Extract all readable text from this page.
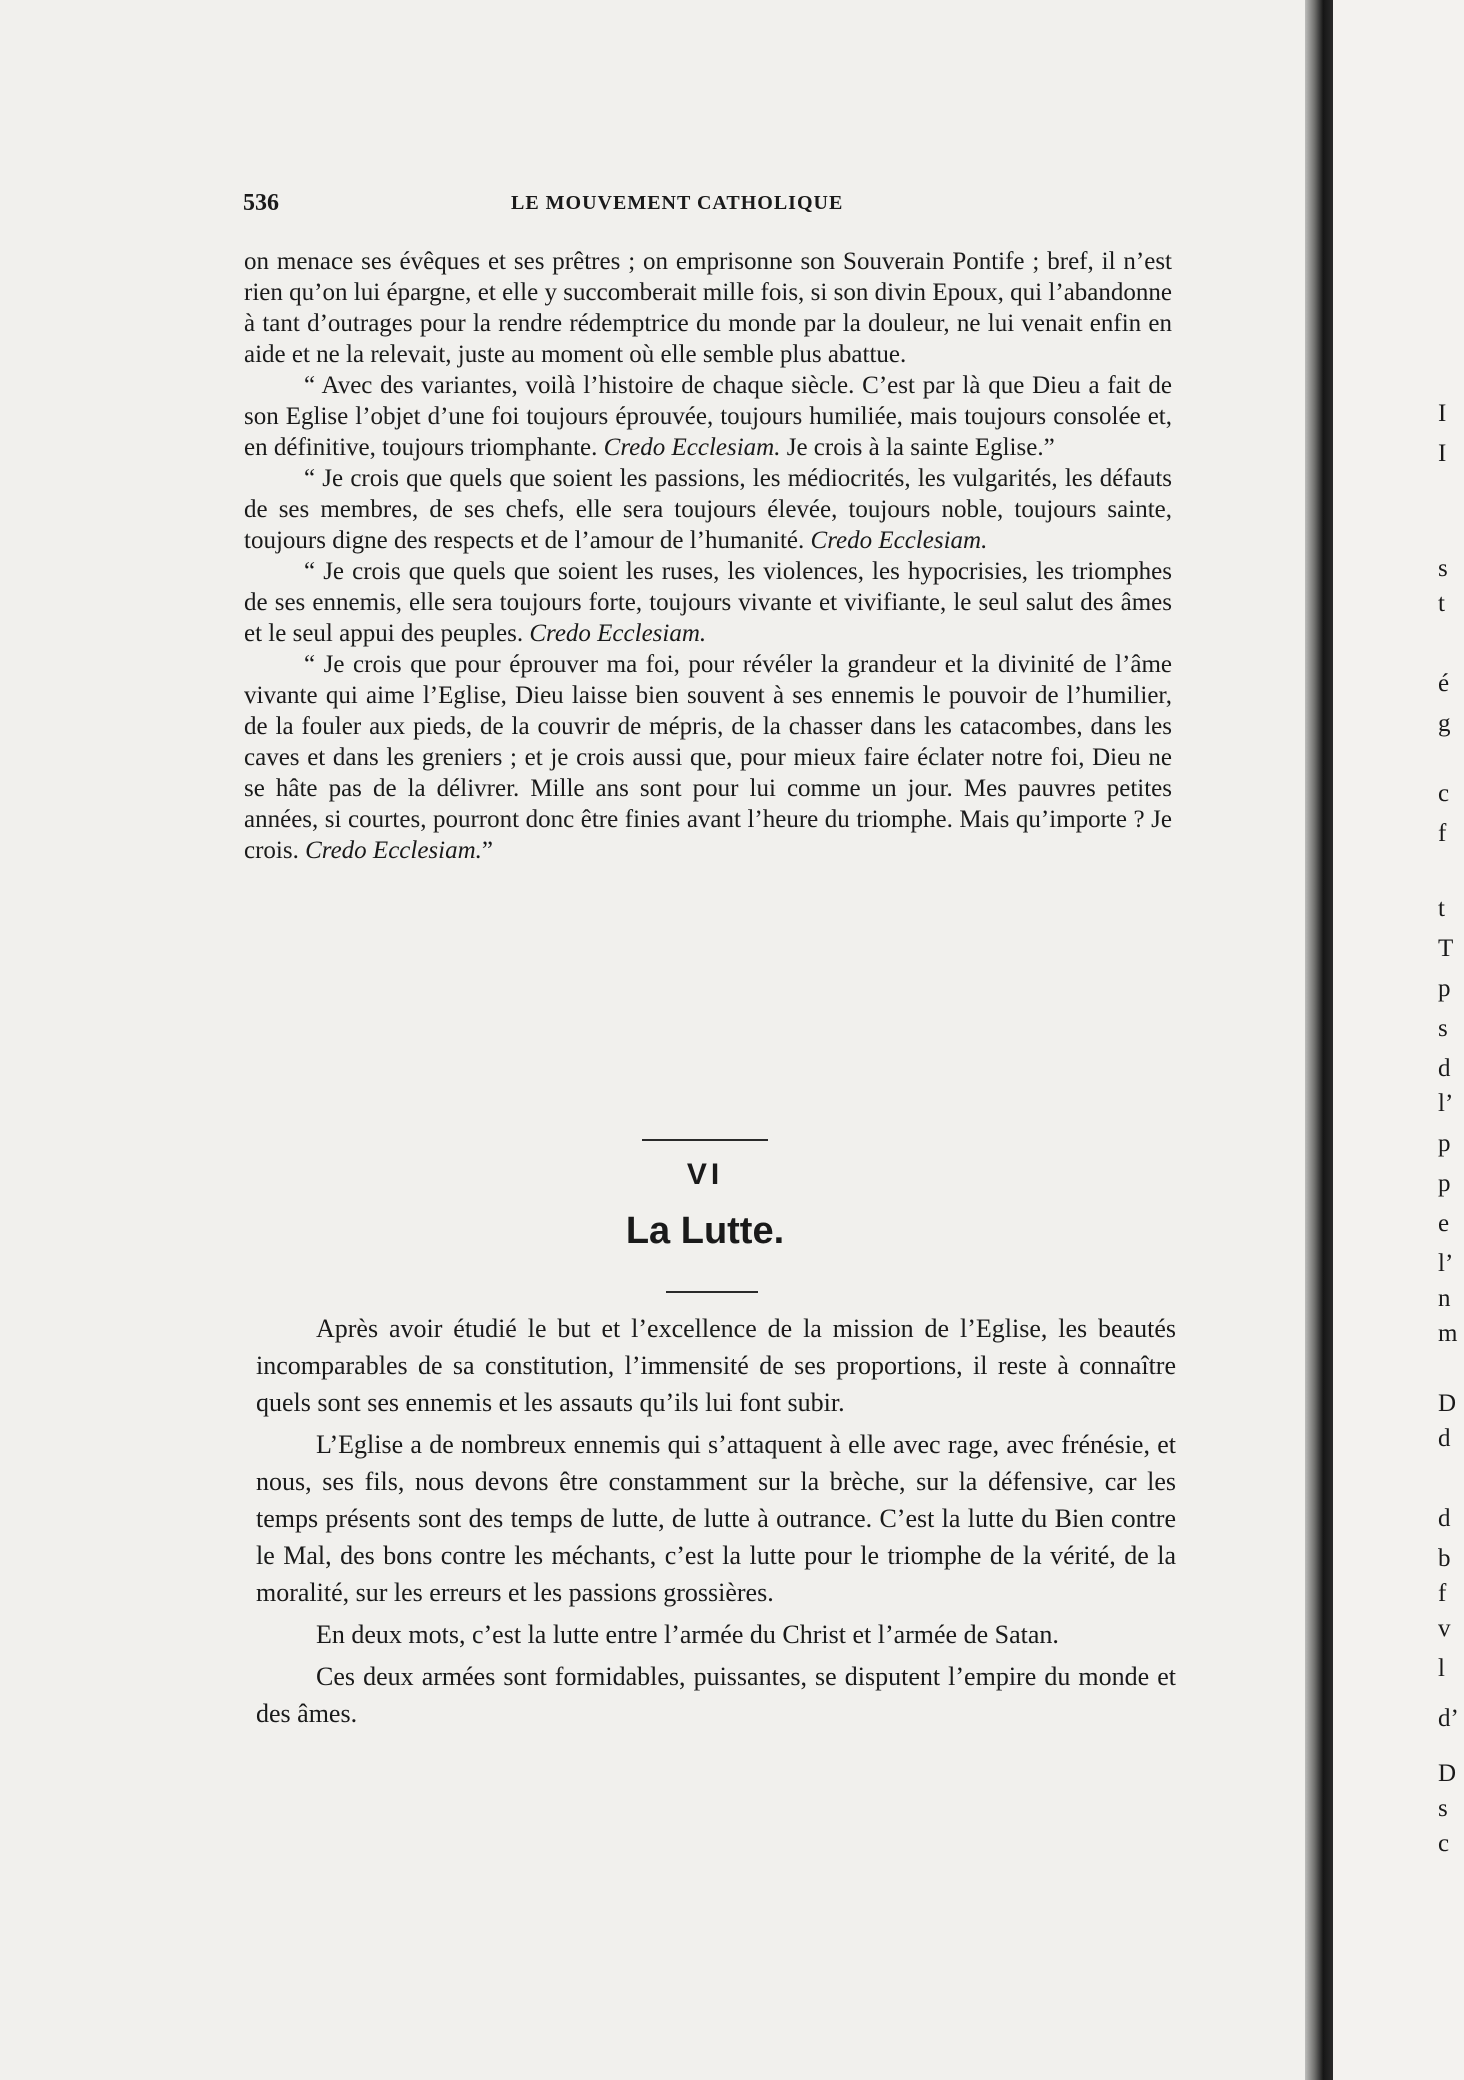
536	LE MOUVEMENT CATHOLIQUE

on menace ses évêques et ses prêtres ; on emprisonne son Souverain Pontife ; bref, il n’est rien qu’on lui épargne, et elle y succomberait mille fois, si son divin Epoux, qui l’abandonne à tant d’outrages pour la rendre rédemptrice du monde par la douleur, ne lui venait enfin en aide et ne la relevait, juste au moment où elle semble plus abattue.

“ Avec des variantes, voilà l’histoire de chaque siècle. C’est par là que Dieu a fait de son Eglise l’objet d’une foi toujours éprouvée, toujours humiliée, mais toujours consolée et, en définitive, toujours triomphante. Credo Ecclesiam. Je crois à la sainte Eglise.”

“ Je crois que quels que soient les passions, les médiocrités, les vulgarités, les défauts de ses membres, de ses chefs, elle sera toujours élevée, toujours noble, toujours sainte, toujours digne des respects et de l’amour de l’humanité. Credo Ecclesiam.

“ Je crois que quels que soient les ruses, les violences, les hypocrisies, les triomphes de ses ennemis, elle sera toujours forte, toujours vivante et vivifiante, le seul salut des âmes et le seul appui des peuples. Credo Ecclesiam.

“ Je crois que pour éprouver ma foi, pour révéler la grandeur et la divinité de l’âme vivante qui aime l’Eglise, Dieu laisse bien souvent à ses ennemis le pouvoir de l’humilier, de la fouler aux pieds, de la couvrir de mépris, de la chasser dans les catacombes, dans les caves et dans les greniers ; et je crois aussi que, pour mieux faire éclater notre foi, Dieu ne se hâte pas de la délivrer. Mille ans sont pour lui comme un jour. Mes pauvres petites années, si courtes, pourront donc être finies avant l’heure du triomphe. Mais qu’importe ? Je crois. Credo Ecclesiam.”

VI
La Lutte.

Après avoir étudié le but et l’excellence de la mission de l’Eglise, les beautés incomparables de sa constitution, l’immensité de ses proportions, il reste à connaître quels sont ses ennemis et les assauts qu’ils lui font subir.

L’Eglise a de nombreux ennemis qui s’attaquent à elle avec rage, avec frénésie, et nous, ses fils, nous devons être constamment sur la brèche, sur la défensive, car les temps présents sont des temps de lutte, de lutte à outrance. C’est la lutte du Bien contre le Mal, des bons contre les méchants, c’est la lutte pour le triomphe de la vérité, de la moralité, sur les erreurs et les passions grossières.

En deux mots, c’est la lutte entre l’armée du Christ et l’armée de Satan.

Ces deux armées sont formidables, puissantes, se disputent l’empire du monde et des âmes.

I
I
s
t
é
g
c
f
t
T
p
s
d
l’
p
p
e
l’
n
m
D
d
d
b
f
v
l
d’
D
s
c
